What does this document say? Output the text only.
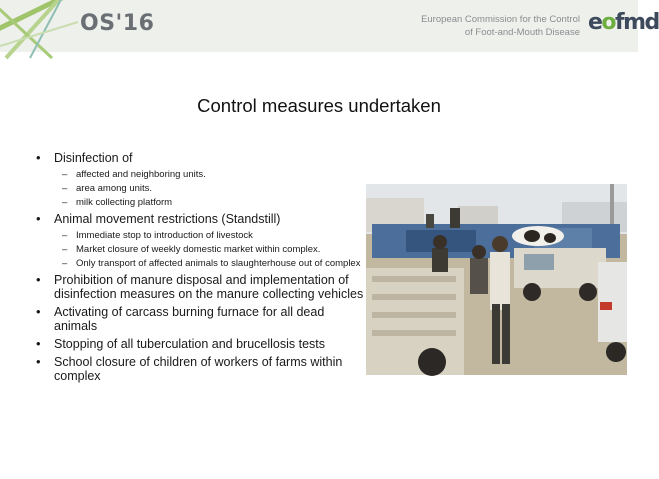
OS'16	European Commission for the Control
of Foot-and-Mouth Disease eofmd
Control measures undertaken
• Disinfection of
– affected and neighboring units.
– area among units.
– milk collecting platform
• Animal movement restrictions (Standstill)
– Immediate stop to introduction of livestock
– Market closure of weekly domestic market within complex.
– Only transport of affected animals to slaughterhouse out of complex
• Prohibition of manure disposal and implementation of disinfection measures on the manure collecting vehicles
• Activating of carcass burning furnace for all dead animals
• Stopping of all tuberculation and brucellosis tests
• School closure of children of workers of farms within complex
